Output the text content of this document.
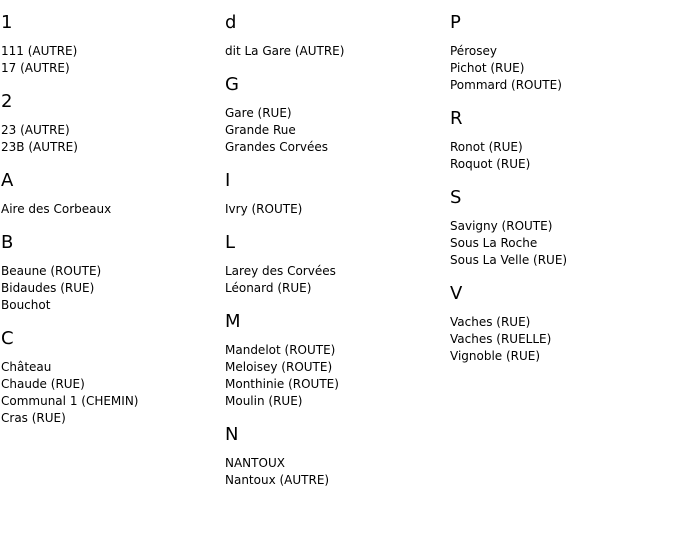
1
111 (AUTRE)
17 (AUTRE)
2
23 (AUTRE)
23B (AUTRE)
A
Aire des Corbeaux
B
Beaune (ROUTE)
Bidaudes (RUE)
Bouchot
C
Château
Chaude (RUE)
Communal 1 (CHEMIN)
Cras (RUE)
d
dit La Gare (AUTRE)
G
Gare (RUE)
Grande Rue
Grandes Corvées
I
Ivry (ROUTE)
L
Larey des Corvées
Léonard (RUE)
M
Mandelot (ROUTE)
Meloisey (ROUTE)
Monthinie (ROUTE)
Moulin (RUE)
N
NANTOUX
Nantoux (AUTRE)
P
Pérosey
Pichot (RUE)
Pommard (ROUTE)
R
Ronot (RUE)
Roquot (RUE)
S
Savigny (ROUTE)
Sous La Roche
Sous La Velle (RUE)
V
Vaches (RUE)
Vaches (RUELLE)
Vignoble (RUE)
